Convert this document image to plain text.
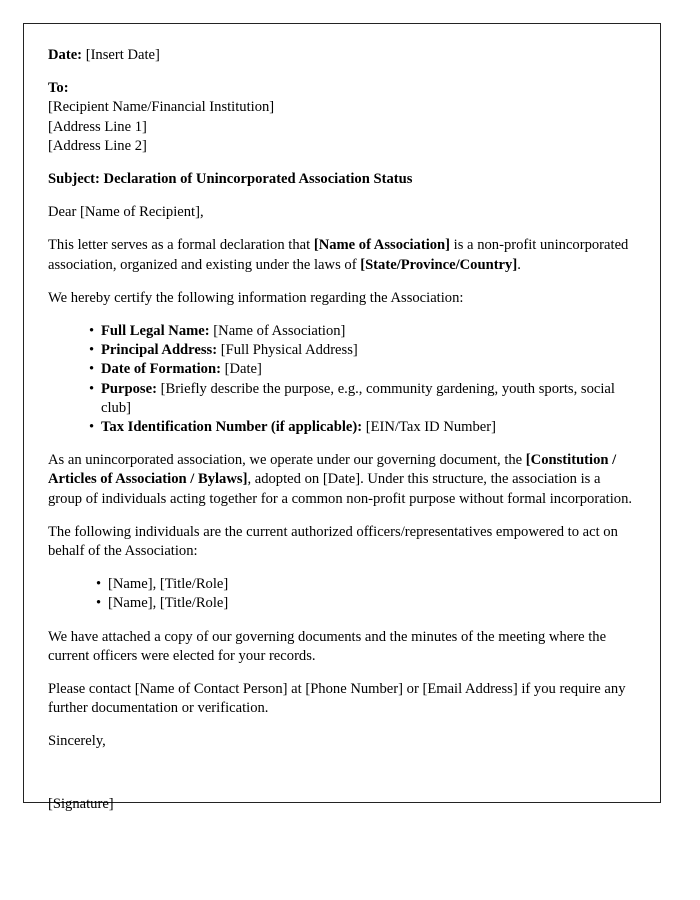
Date: [Insert Date]

To:

[Recipient Name/Financial Institution]

[Address Line 1]

[Address Line 2]

Subject: Declaration of Unincorporated Association Status

Dear [Name of Recipient],

This letter serves as a formal declaration that [Name of Association] is a non-profit unincorporated association, organized and existing under the laws of [State/Province/Country].

We hereby certify the following information regarding the Association:

• Full Legal Name: [Name of Association]
• Principal Address: [Full Physical Address]
• Date of Formation: [Date]
• Purpose: [Briefly describe the purpose, e.g., community gardening, youth sports, social club]
• Tax Identification Number (if applicable): [EIN/Tax ID Number]

As an unincorporated association, we operate under our governing document, the [Constitution / Articles of Association / Bylaws], adopted on [Date]. Under this structure, the association is a group of individuals acting together for a common non-profit purpose without formal incorporation.

The following individuals are the current authorized officers/representatives empowered to act on behalf of the Association:

• [Name], [Title/Role]
• [Name], [Title/Role]

We have attached a copy of our governing documents and the minutes of the meeting where the current officers were elected for your records.

Please contact [Name of Contact Person] at [Phone Number] or [Email Address] if you require any further documentation or verification.

Sincerely,

[Signature]
